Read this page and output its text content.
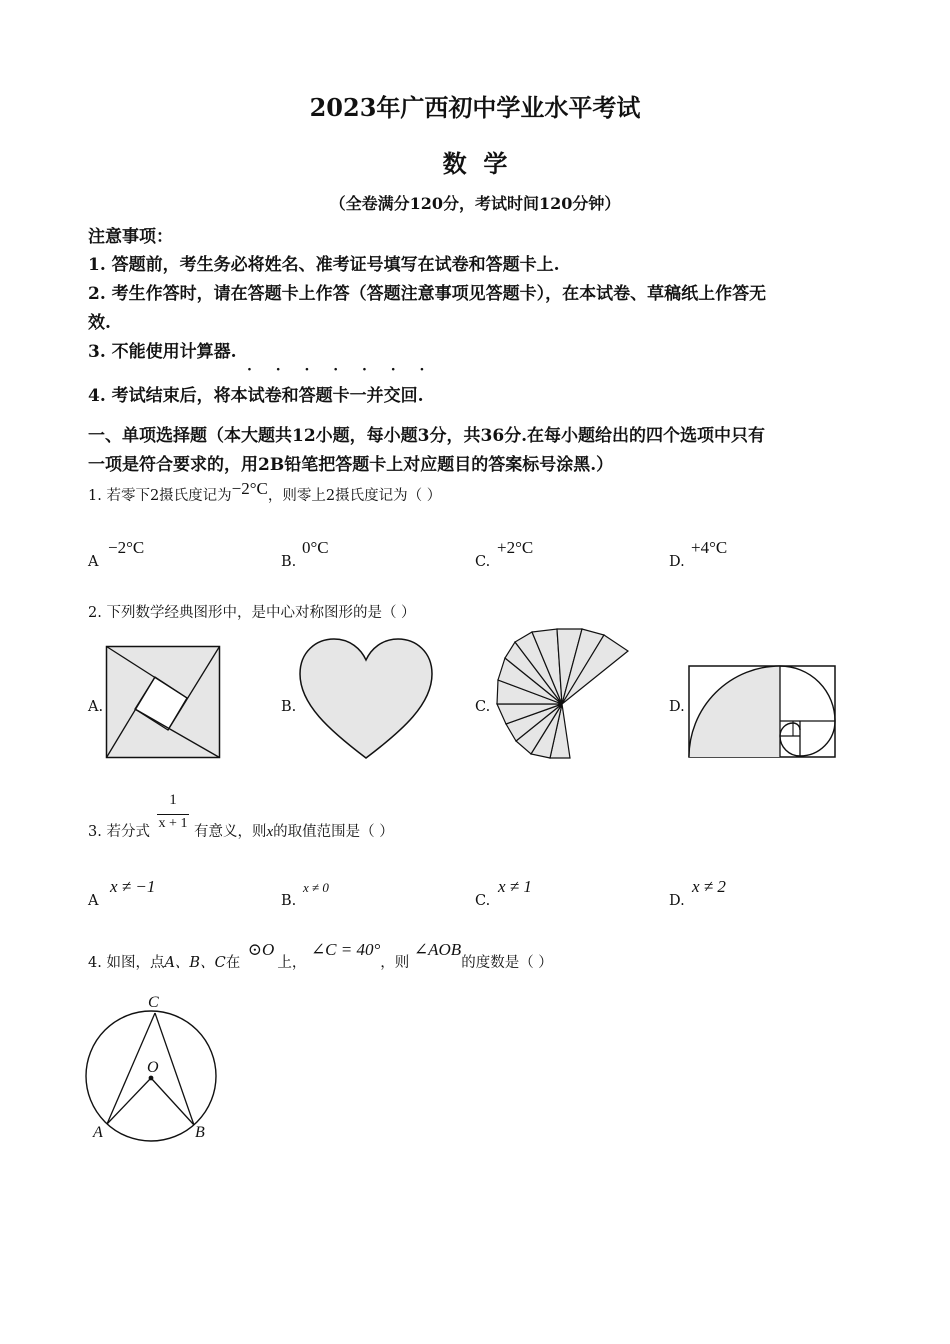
2023年广西初中学业水平考试
数  学
（全卷满分120分，考试时间120分钟）
注意事项：
1. 答题前，考生务必将姓名、准考证号填写在试卷和答题卡上.
2. 考生作答时，请在答题卡上作答（答题注意事项见答题卡），在本试卷、草稿纸上作答无
效.
3. 不能使用计算器.
· · · · · · ·
4. 考试结束后，将本试卷和答题卡一并交回.
一、单项选择题（本大题共12小题，每小题3分，共36分.在每小题给出的四个选项中只有
一项是符合要求的，用2B铅笔把答题卡上对应题目的答案标号涂黑.）
1. 若零下2摄氏度记为−2°C，则零上2摄氏度记为（ ）
A
−2°C
B.
0°C
C.
+2°C
D.
+4°C
2. 下列数学经典图形中，是中心对称图形的是（ ）
A.	B.	C.	D.
3. 若分式
1
x + 1
有意义，则x的取值范围是（ ）
A
x ≠ −1
B.
x ≠ 0
C.
x ≠ 1
D.
x ≠ 2
4. 如图，点A、B、C在 ⊙O上， ∠C = 40°，则 ∠AOB的度数是（ ）
C
O
A	B
